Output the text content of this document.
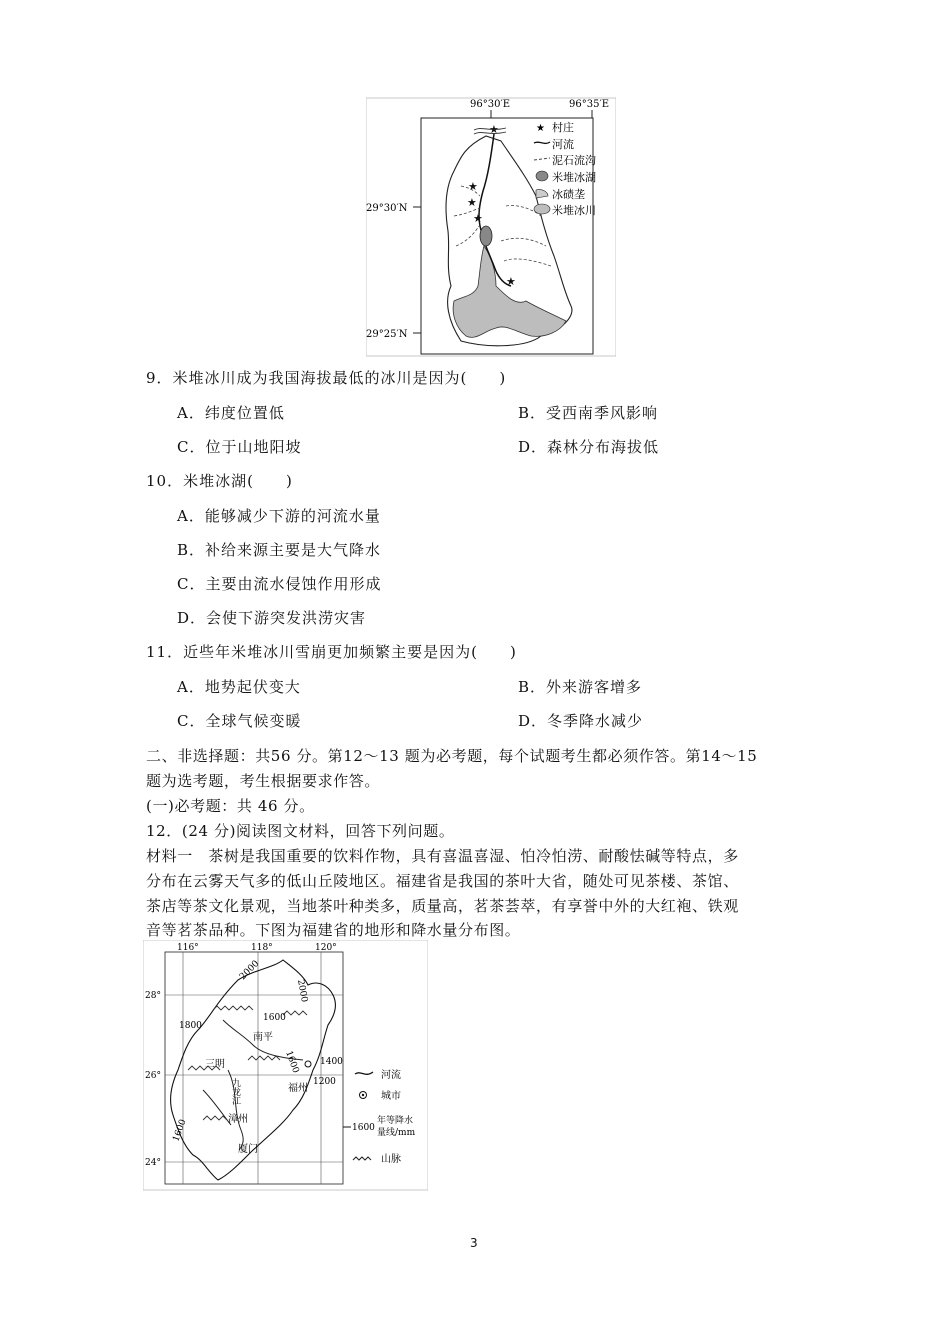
96°30′E	96°35′E
29°30′N
29°25′N
★
★
★
★
★
★ 村庄
河流
泥石流沟
米堆冰湖
冰碛垄
米堆冰川
9．米堆冰川成为我国海拔最低的冰川是因为(　　)
A．纬度位置低	B．受西南季风影响
C．位于山地阳坡	D．森林分布海拔低
10．米堆冰湖(　　)
A．能够减少下游的河流水量
B．补给来源主要是大气降水
C．主要由流水侵蚀作用形成
D．会使下游突发洪涝灾害
11．近些年米堆冰川雪崩更加频繁主要是因为(　　)
A．地势起伏变大	B．外来游客增多
C．全球气候变暖	D．冬季降水减少
二、非选择题：共56 分。第12～13 题为必考题，每个试题考生都必须作答。第14～15
题为选考题，考生根据要求作答。
(一)必考题：共 46 分。
12．(24 分)阅读图文材料，回答下列问题。
材料一　茶树是我国重要的饮料作物，具有喜温喜湿、怕冷怕涝、耐酸怯碱等特点，多
分布在云雾天气多的低山丘陵地区。福建省是我国的茶叶大省，随处可见茶楼、茶馆、
茶店等茶文化景观，当地茶叶种类多，质量高，茗茶荟萃，有享誉中外的大红袍、铁观
音等茗茶品种。下图为福建省的地形和降水量分布图。
116°	118°	120°
28°
26°
24°
2000
2000
1600
1800
1400
1200
1600
1600
南平
三明
福州
漳州
厦门
九龙江
河流
城市
1600
年等降水 量线/mm
山脉
3
